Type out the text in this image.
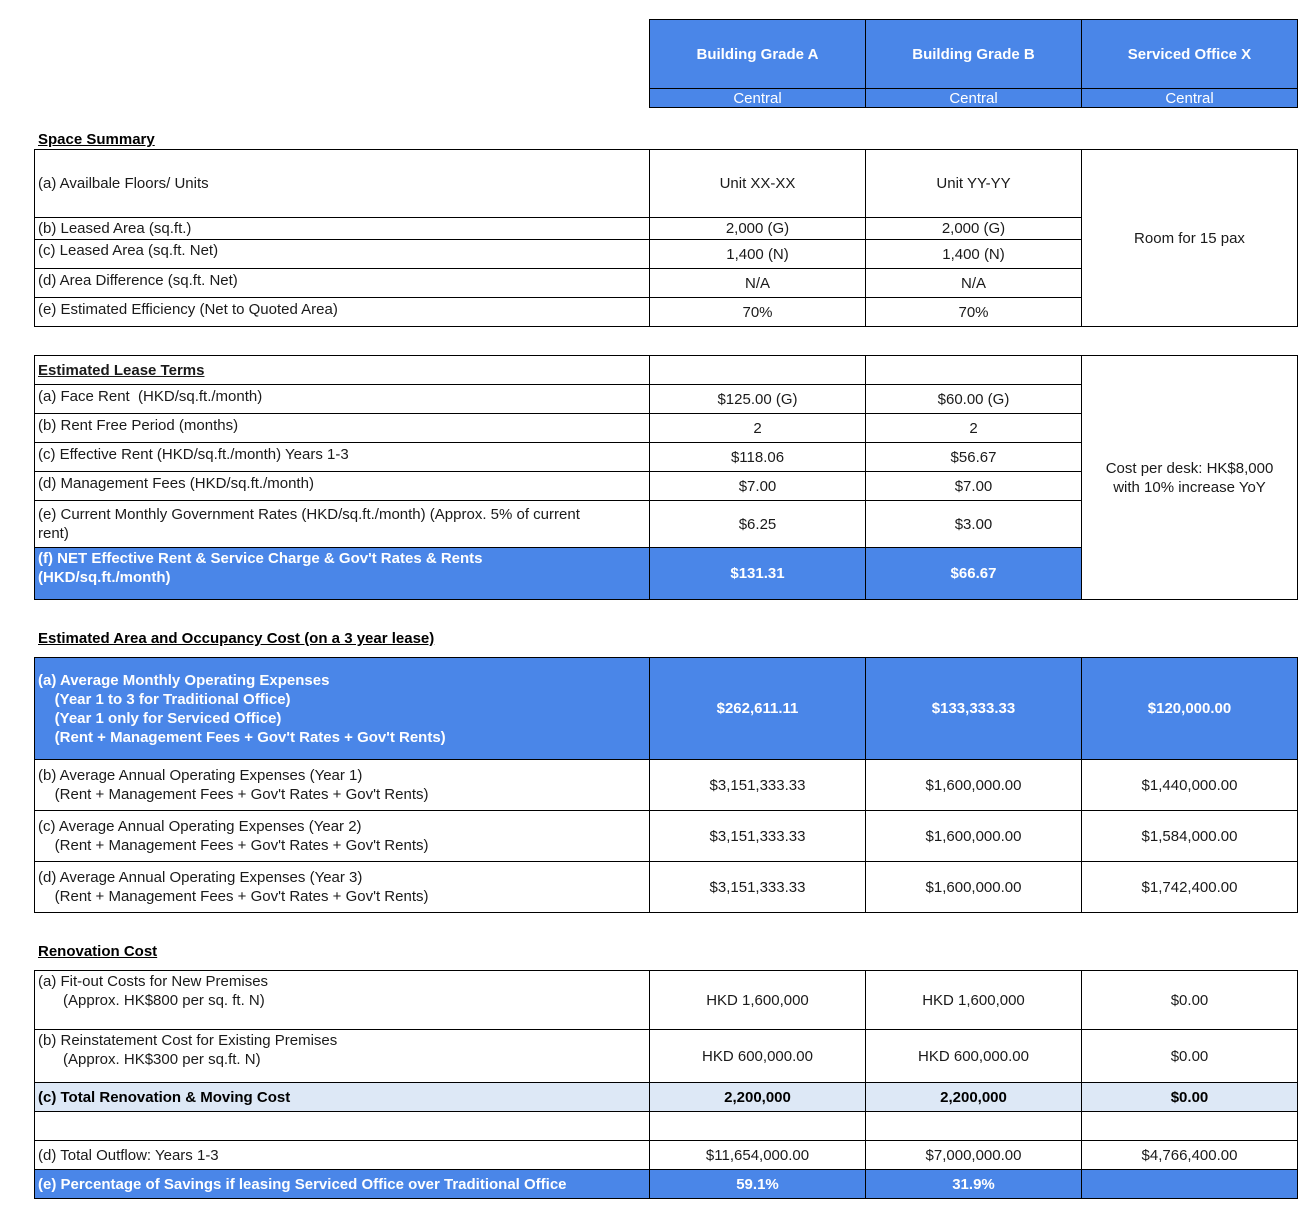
Building Grade A	Building Grade B	Serviced Office X
Central	Central	Central
Space Summary
(a) Availbale Floors/ Units	Unit XX-XX	Unit YY-YY
(b) Leased Area (sq.ft.)	2,000 (G)	2,000 (G)
(c) Leased Area (sq.ft. Net)	1,400 (N)	1,400 (N)
(d) Area Difference (sq.ft. Net)	N/A	N/A
(e) Estimated Efficiency (Net to Quoted Area)	70%	70%
Room for 15 pax
Estimated Lease Terms
(a) Face Rent  (HKD/sq.ft./month)	$125.00 (G)	$60.00 (G)
(b) Rent Free Period (months)	2	2
(c) Effective Rent (HKD/sq.ft./month) Years 1-3	$118.06	$56.67
(d) Management Fees (HKD/sq.ft./month)	$7.00	$7.00
(e) Current Monthly Government Rates (HKD/sq.ft./month) (Approx. 5% of current
rent)
$6.25	$3.00
(f) NET Effective Rent & Service Charge & Gov't Rates & Rents
(HKD/sq.ft./month)	$131.31	$66.67
Cost per desk: HK$8,000
with 10% increase YoY
Estimated Area and Occupancy Cost (on a 3 year lease)
(a) Average Monthly Operating Expenses
(Year 1 to 3 for Traditional Office)
(Year 1 only for Serviced Office)
(Rent + Management Fees + Gov't Rates + Gov't Rents)
$262,611.11	$133,333.33	$120,000.00
(b) Average Annual Operating Expenses (Year 1)
(Rent + Management Fees + Gov't Rates + Gov't Rents)
$3,151,333.33	$1,600,000.00	$1,440,000.00
(c) Average Annual Operating Expenses (Year 2)
(Rent + Management Fees + Gov't Rates + Gov't Rents)
$3,151,333.33	$1,600,000.00	$1,584,000.00
(d) Average Annual Operating Expenses (Year 3)
(Rent + Management Fees + Gov't Rates + Gov't Rents)
$3,151,333.33	$1,600,000.00	$1,742,400.00
Renovation Cost
(a) Fit-out Costs for New Premises
(Approx. HK$800 per sq. ft. N)	HKD 1,600,000	HKD 1,600,000	$0.00
(b) Reinstatement Cost for Existing Premises
(Approx. HK$300 per sq.ft. N)	HKD 600,000.00	HKD 600,000.00	$0.00
(c) Total Renovation & Moving Cost	2,200,000	2,200,000	$0.00
(d) Total Outflow: Years 1-3	$11,654,000.00	$7,000,000.00	$4,766,400.00
(e) Percentage of Savings if leasing Serviced Office over Traditional Office	59.1%	31.9%
